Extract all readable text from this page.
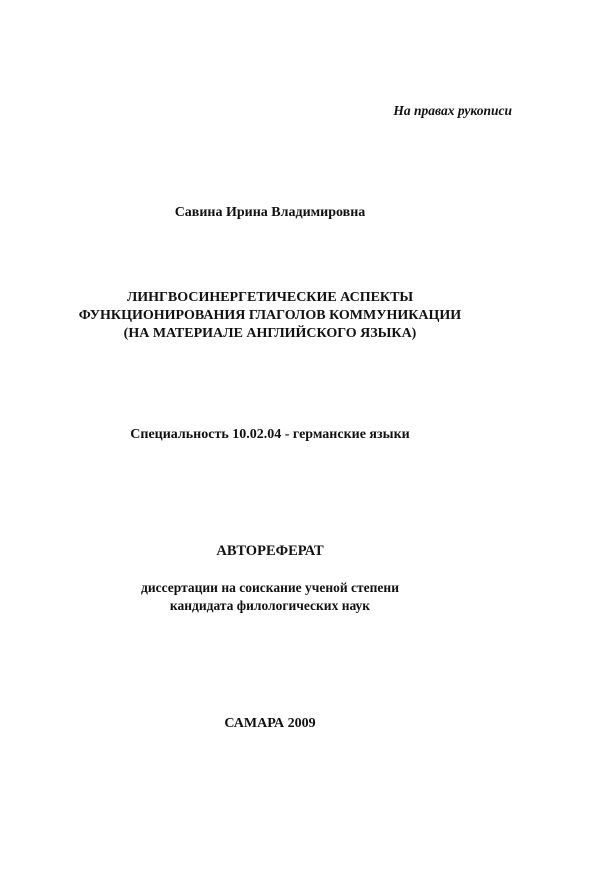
На правах рукописи
Савина Ирина Владимировна
ЛИНГВОСИНЕРГЕТИЧЕСКИЕ АСПЕКТЫ
ФУНКЦИОНИРОВАНИЯ ГЛАГОЛОВ КОММУНИКАЦИИ
(НА МАТЕРИАЛЕ АНГЛИЙСКОГО ЯЗЫКА)
Специальность 10.02.04 - германские языки
АВТОРЕФЕРАТ
диссертации на соискание ученой степени
кандидата филологических наук
САМАРА 2009
